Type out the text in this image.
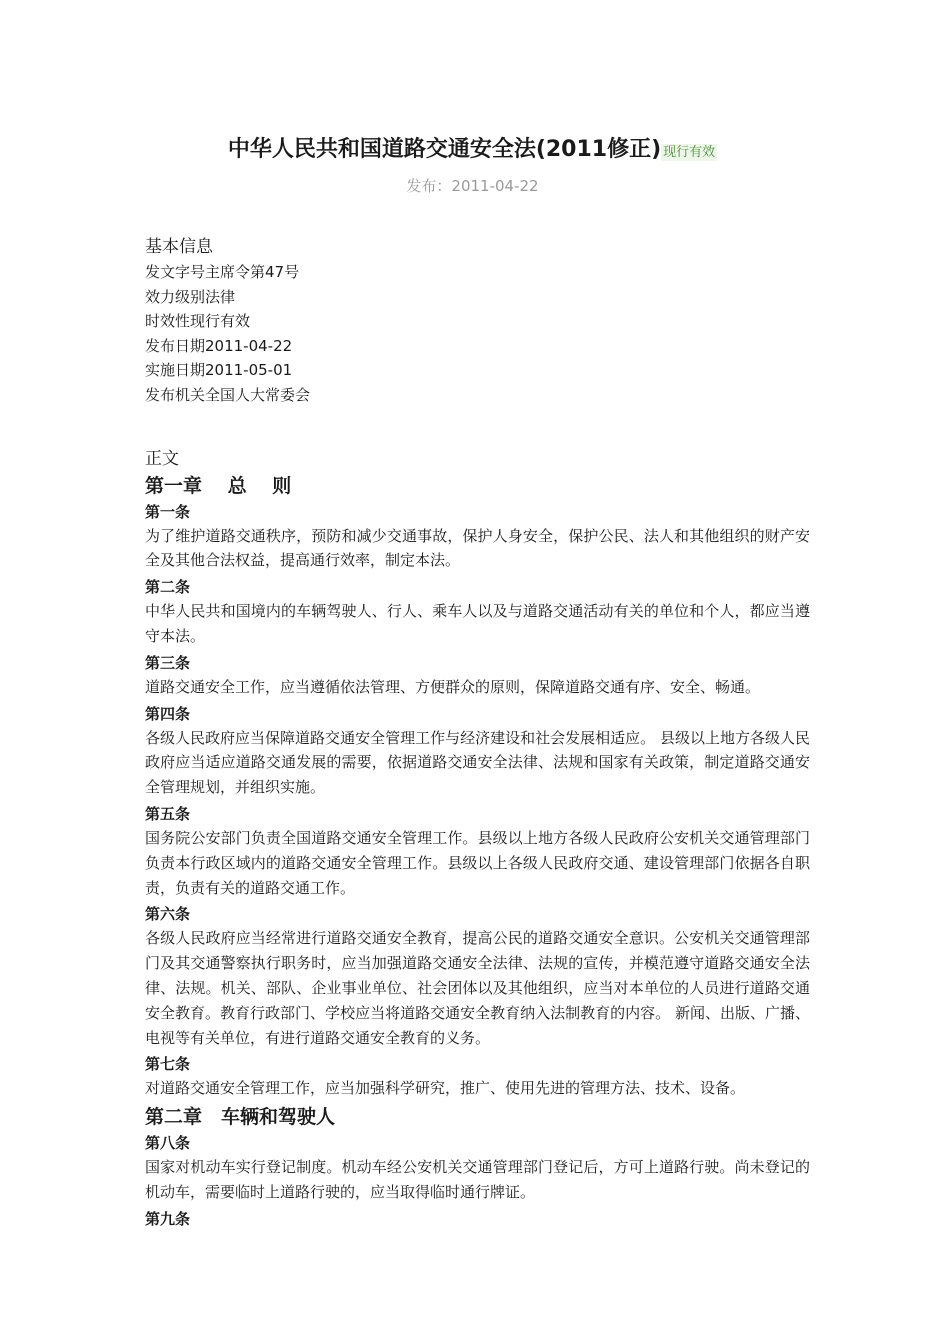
中华人民共和国道路交通安全法(2011修正) 现行有效
发布：2011-04-22

基本信息

发文字号主席令第47号

效力级别法律

时效性现行有效

发布日期2011-04-22

实施日期2011-05-01

发布机关全国人大常委会

正文

第一章　 总　 则

第一条

为了维护道路交通秩序，预防和减少交通事故，保护人身安全，保护公民、法人和其他组织的财产安全及其他合法权益，提高通行效率，制定本法。

第二条

中华人民共和国境内的车辆驾驶人、行人、乘车人以及与道路交通活动有关的单位和个人，都应当遵守本法。

第三条

道路交通安全工作，应当遵循依法管理、方便群众的原则，保障道路交通有序、安全、畅通。

第四条

各级人民政府应当保障道路交通安全管理工作与经济建设和社会发展相适应。 县级以上地方各级人民政府应当适应道路交通发展的需要，依据道路交通安全法律、法规和国家有关政策，制定道路交通安全管理规划，并组织实施。

第五条

国务院公安部门负责全国道路交通安全管理工作。县级以上地方各级人民政府公安机关交通管理部门负责本行政区域内的道路交通安全管理工作。县级以上各级人民政府交通、建设管理部门依据各自职责，负责有关的道路交通工作。

第六条

各级人民政府应当经常进行道路交通安全教育，提高公民的道路交通安全意识。公安机关交通管理部门及其交通警察执行职务时，应当加强道路交通安全法律、法规的宣传，并模范遵守道路交通安全法律、法规。机关、部队、企业事业单位、社会团体以及其他组织，应当对本单位的人员进行道路交通安全教育。教育行政部门、学校应当将道路交通安全教育纳入法制教育的内容。 新闻、出版、广播、电视等有关单位，有进行道路交通安全教育的义务。

第七条

对道路交通安全管理工作，应当加强科学研究，推广、使用先进的管理方法、技术、设备。

第二章　车辆和驾驶人

第八条

国家对机动车实行登记制度。机动车经公安机关交通管理部门登记后，方可上道路行驶。尚未登记的机动车，需要临时上道路行驶的，应当取得临时通行牌证。

第九条
